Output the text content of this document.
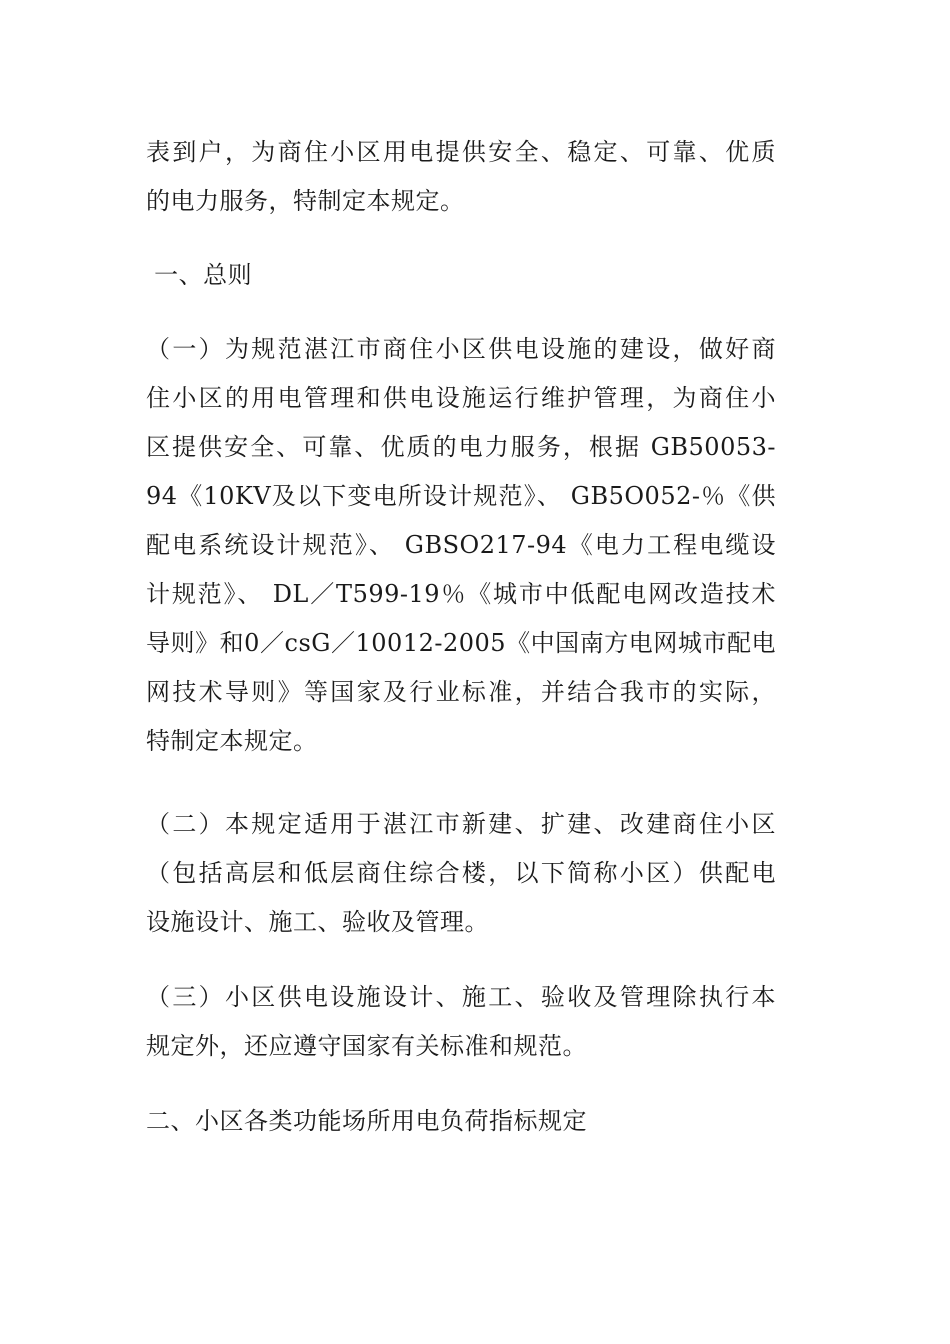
表到户，为商住小区用电提供安全、稳定、可靠、优质
的电力服务，特制定本规定。
一、总则
（一）为规范湛江市商住小区供电设施的建设，做好商
住小区的用电管理和供电设施运行维护管理，为商住小
区提供安全、可靠、优质的电力服务，根据 GB50053-
94《10KV及以下变电所设计规范》、 GB5O052-％《供
配电系统设计规范》、 GBSO217-94《电力工程电缆设
计规范》、 DL／T599-19％《城市中低配电网改造技术
导则》和0／csG／10012-2005《中国南方电网城市配电
网技术导则》等国家及行业标准，并结合我市的实际，
特制定本规定。
（二）本规定适用于湛江市新建、扩建、改建商住小区
（包括高层和低层商住综合楼，以下简称小区）供配电
设施设计、施工、验收及管理。
（三）小区供电设施设计、施工、验收及管理除执行本
规定外，还应遵守国家有关标准和规范。
二、小区各类功能场所用电负荷指标规定
